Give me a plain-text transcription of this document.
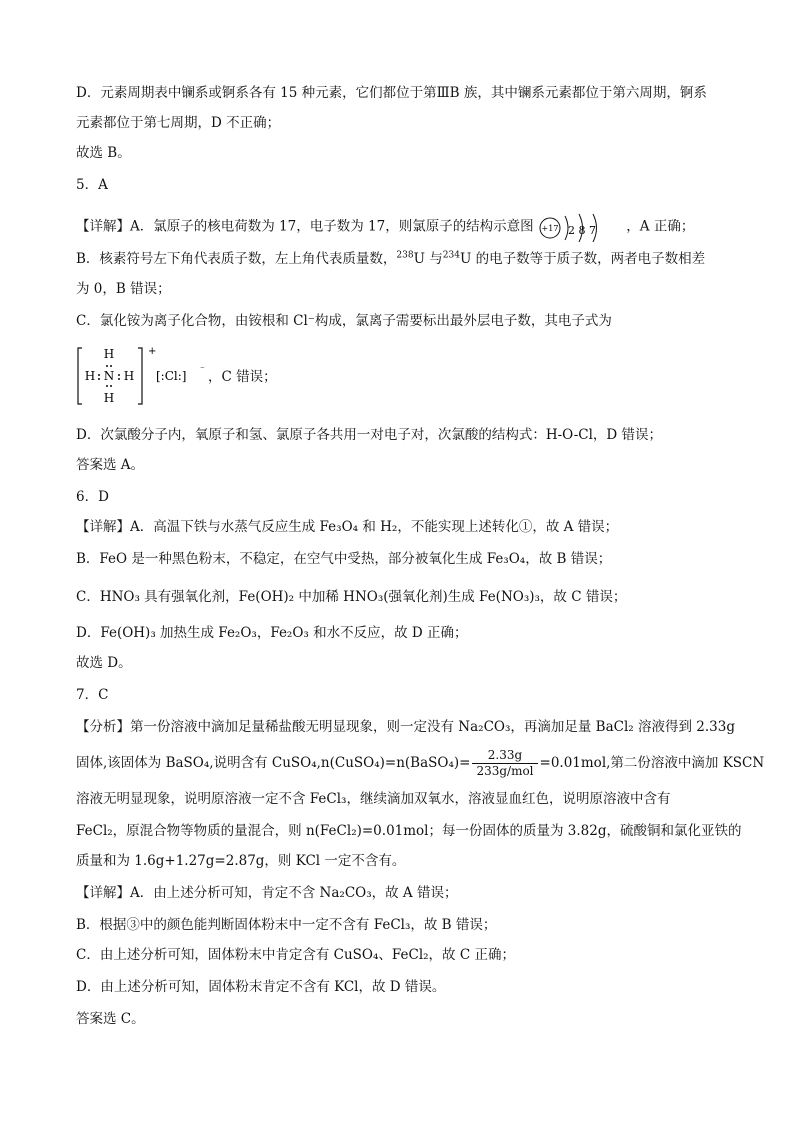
D．元素周期表中镧系或锕系各有 15 种元素，它们都位于第ⅢB 族，其中镧系元素都位于第六周期，锕系
元素都位于第七周期，D 不正确；
故选 B。
5．A
【详解】A．氯原子的核电荷数为 17，电子数为 17，则氯原子的结构示意图 +17 2 8 7 ，A 正确；
B．核素符号左下角代表质子数，左上角代表质量数，$^{238}$U 与$^{234}$U 的电子数等于质子数，两者电子数相差
为 0，B 错误；
C．氯化铵为离子化合物，由铵根和 Cl⁻构成，氯离子需要标出最外层电子数，其电子式为
H
H N H
H
+
[:Cl:] ⁻ ，C 错误；
D．次氯酸分子内，氧原子和氢、氯原子各共用一对电子对，次氯酸的结构式：H-O-Cl，D 错误；
答案选 A。
6．D
【详解】A．高温下铁与水蒸气反应生成 Fe₃O₄ 和 H₂，不能实现上述转化①，故 A 错误；
B．FeO 是一种黑色粉末，不稳定，在空气中受热，部分被氧化生成 Fe₃O₄，故 B 错误；
C．HNO₃ 具有强氧化剂，Fe(OH)₂ 中加稀 HNO₃(强氧化剂)生成 Fe(NO₃)₃，故 C 错误；
D．Fe(OH)₃ 加热生成 Fe₂O₃，Fe₂O₃ 和水不反应，故 D 正确；
故选 D。
7．C
【分析】第一份溶液中滴加足量稀盐酸无明显现象，则一定没有 Na₂CO₃，再滴加足量 BaCl₂ 溶液得到 2.33g
固体,该固体为 BaSO₄,说明含有 CuSO₄,n(CuSO₄)=n(BaSO₄)= $\frac{2.33g}{\text{233g/mol}} =0.01mol$,第二份溶液中滴加 KSCN
溶液无明显现象，说明原溶液一定不含 FeCl₃，继续滴加双氧水，溶液显血红色，说明原溶液中含有
FeCl₂，原混合物等物质的量混合，则 n(FeCl₂)=0.01mol；每一份固体的质量为 3.82g，硫酸铜和氯化亚铁的
质量和为 1.6g+1.27g=2.87g，则 KCl 一定不含有。
【详解】A．由上述分析可知，肯定不含 Na₂CO₃，故 A 错误；
B．根据③中的颜色能判断固体粉末中一定不含有 FeCl₃，故 B 错误；
C．由上述分析可知，固体粉末中肯定含有 CuSO₄、FeCl₂，故 C 正确；
D．由上述分析可知，固体粉末肯定不含有 KCl，故 D 错误。
答案选 C。
